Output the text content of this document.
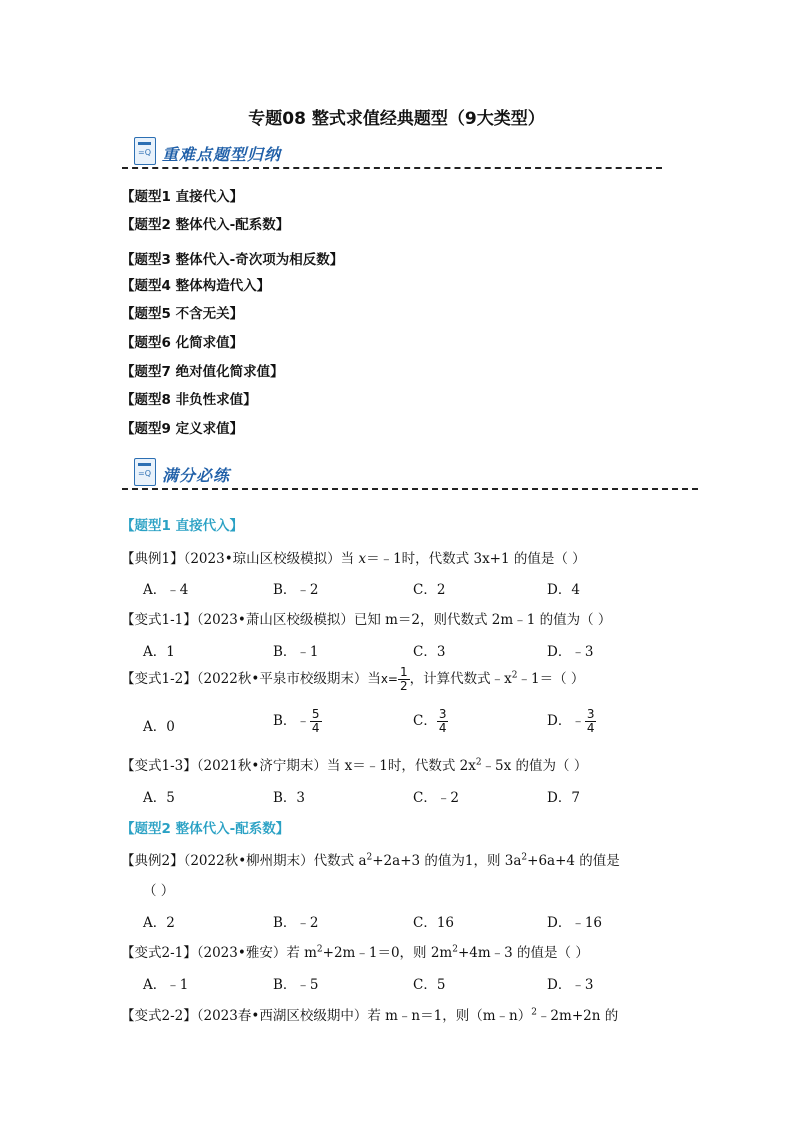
专题08 整式求值经典题型（9大类型）
=Q 重难点题型归纳
【题型1 直接代入】
【题型2 整体代入-配系数】
【题型3 整体代入-奇次项为相反数】
【题型4 整体构造代入】
【题型5 不含无关】
【题型6 化简求值】
【题型7 绝对值化简求值】
【题型8 非负性求值】
【题型9 定义求值】
=Q 满分必练
【题型1 直接代入】
【典例1】（2023•琼山区校级模拟）当 x＝﹣1时，代数式 3x+1 的值是（ ）
A．﹣4	B．﹣2	C．2	D．4
【变式1-1】（2023•萧山区校级模拟）已知 m＝2，则代数式 2m﹣1 的值为（ ）
A．1	B．﹣1	C．3	D．﹣3
【变式1-2】（2022秋•平泉市校级期末）当$x= \frac{1}{2}$ ，计算代数式$﹣x^2﹣1=$（ ）
A．0	B．﹣ $\frac{5}{4}$	C． $\frac{3}{4}$	D．﹣ $\frac{3}{4}$
【变式1-3】（2021秋•济宁期末）当 x＝﹣1时，代数式 $2x^2﹣5x$ 的值为（ ）
A．5	B．3	C．﹣2	D．7
【题型2 整体代入-配系数】
【典例2】（2022秋•柳州期末）代数式 $a^2+2a+3$ 的值为1，则 $3a^2+6a+4$ 的值是
（ ）
A．2	B．﹣2	C．16	D．﹣16
【变式2-1】（2023•雅安）若 $m^2+2m﹣1=0$，则 $2m^2+4m﹣3$ 的值是（ ）
A．﹣1	B．﹣5	C．5	D．﹣3
【变式2-2】（2023春•西湖区校级期中）若 m﹣n＝1，则（m﹣n）$^2$﹣2m+2n 的
